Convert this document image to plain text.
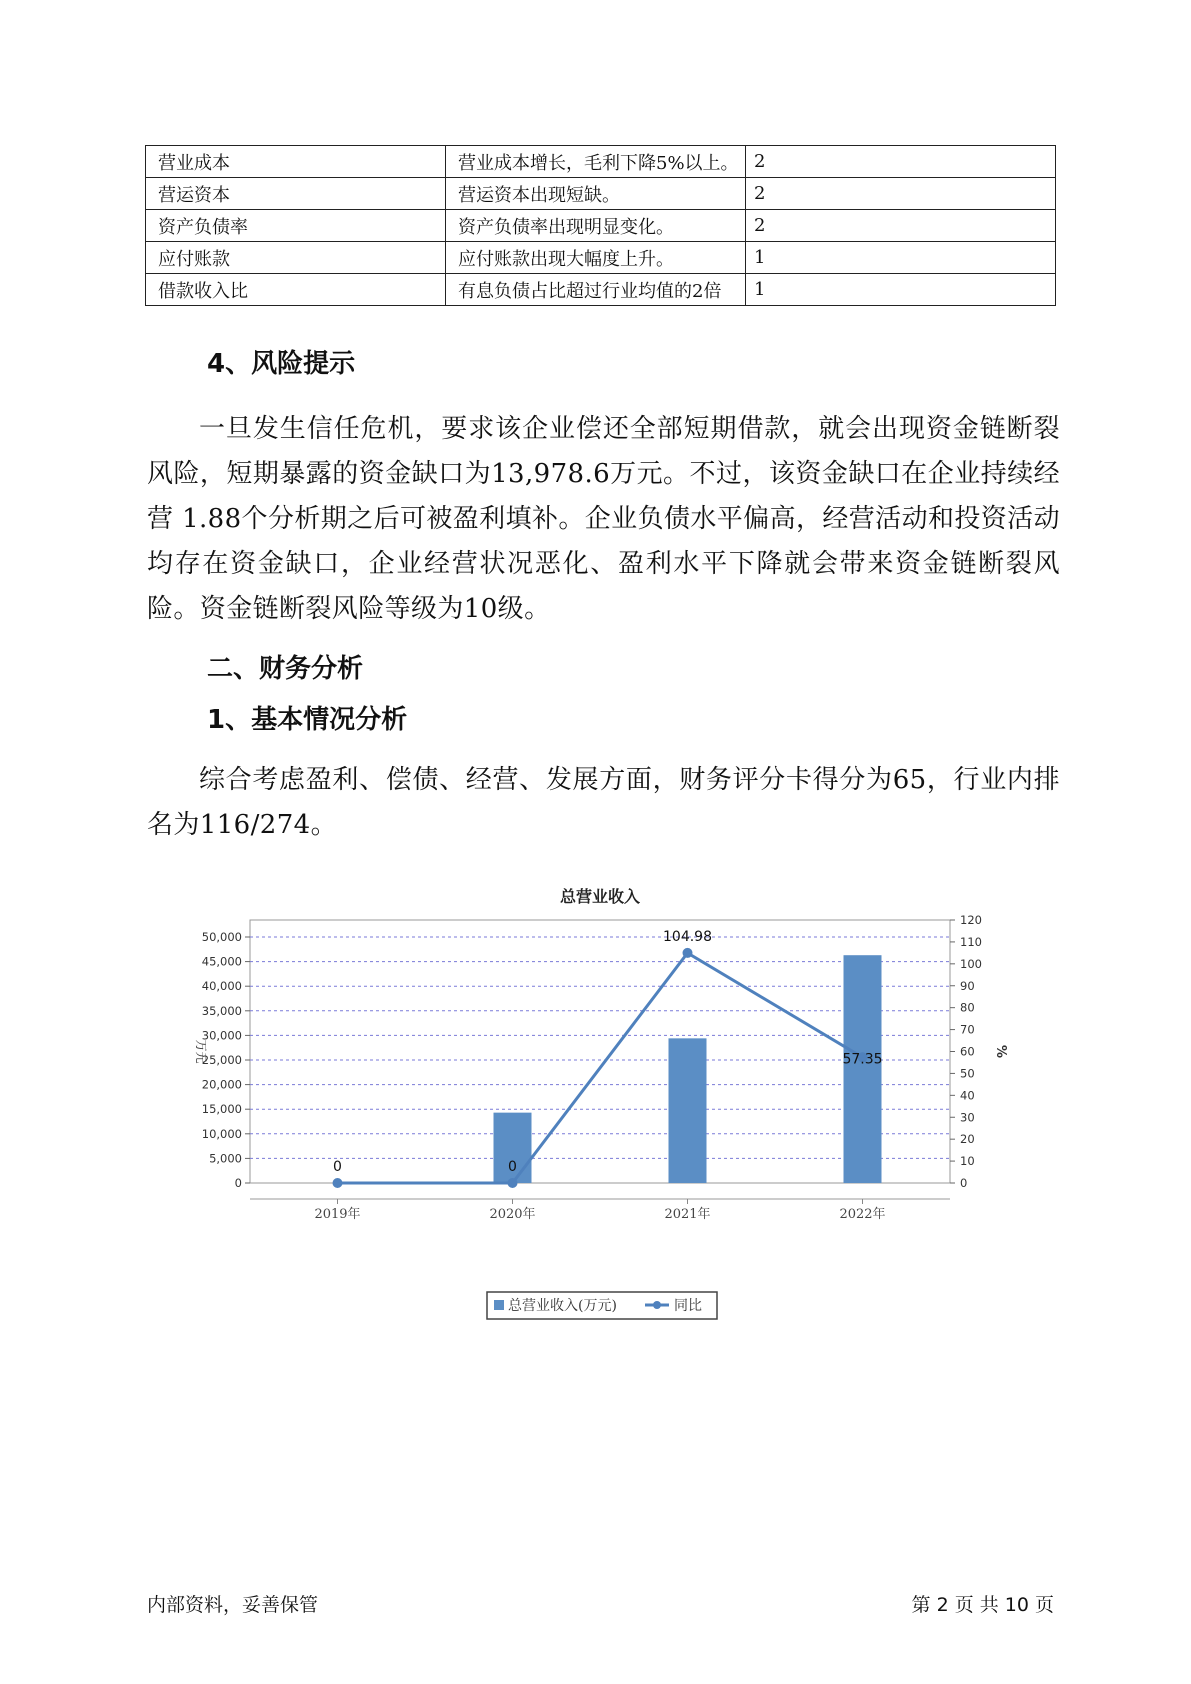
营业成本	营业成本增长，毛利下降5%以上。	2
营运资本	营运资本出现短缺。	2
资产负债率	资产负债率出现明显变化。	2
应付账款	应付账款出现大幅度上升。	1
借款收入比	有息负债占比超过行业均值的2倍	1
4、风险提示

一旦发生信任危机，要求该企业偿还全部短期借款，就会出现资金链断裂风险，短期暴露的资金缺口为13,978.6万元。不过，该资金缺口在企业持续经营 1.88个分析期之后可被盈利填补。企业负债水平偏高，经营活动和投资活动均存在资金缺口，企业经营状况恶化、盈利水平下降就会带来资金链断裂风险。资金链断裂风险等级为10级。

二、财务分析
1、基本情况分析

综合考虑盈利、偿债、经营、发展方面，财务评分卡得分为65，行业内排名为116/274。

总营业收入
0
5,000
10,000
15,000
20,000
25,000
30,000
35,000
40,000
45,000
50,000
0
10
20
30
40
50
60
70
80
90
100
110
120
万元	%
2019年	2020年	2021年	2022年
0	0
104.98
57.35
总营业收入(万元)	同比
内部资料，妥善保管	第 2 页 共 10 页
